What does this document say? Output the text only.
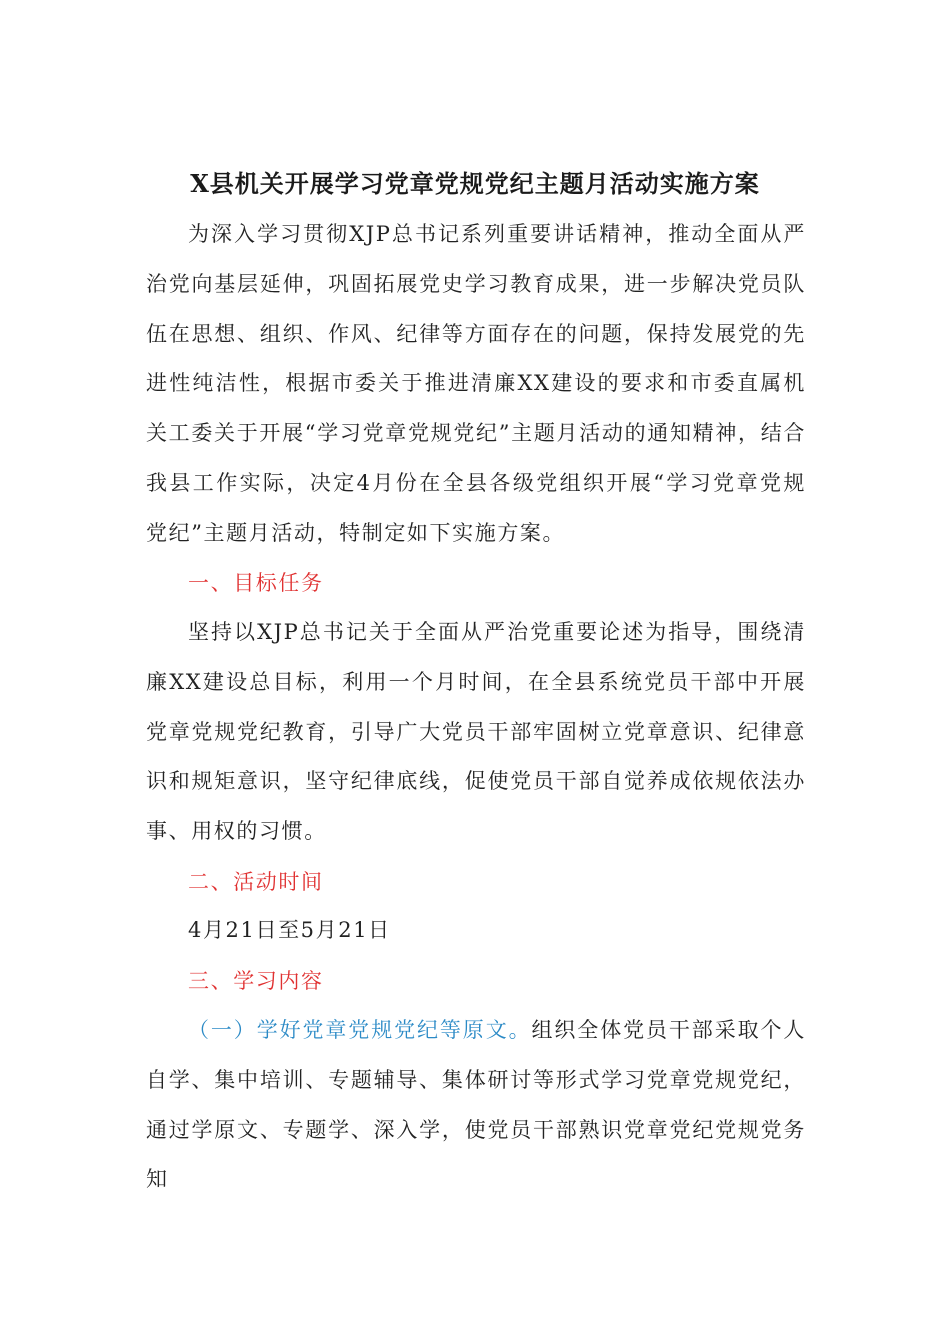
X县机关开展学习党章党规党纪主题月活动实施方案

为深入学习贯彻XJP总书记系列重要讲话精神，推动全面从严治党向基层延伸，巩固拓展党史学习教育成果，进一步解决党员队伍在思想、组织、作风、纪律等方面存在的问题，保持发展党的先进性纯洁性，根据市委关于推进清廉XX建设的要求和市委直属机关工委关于开展“学习党章党规党纪”主题月活动的通知精神，结合我县工作实际，决定4月份在全县各级党组织开展“学习党章党规党纪”主题月活动，特制定如下实施方案。

一、目标任务

坚持以XJP总书记关于全面从严治党重要论述为指导，围绕清廉XX建设总目标，利用一个月时间，在全县系统党员干部中开展党章党规党纪教育，引导广大党员干部牢固树立党章意识、纪律意识和规矩意识，坚守纪律底线，促使党员干部自觉养成依规依法办事、用权的习惯。

二、活动时间

4月21日至5月21日

三、学习内容

（一）学好党章党规党纪等原文。组织全体党员干部采取个人自学、集中培训、专题辅导、集体研讨等形式学习党章党规党纪，通过学原文、专题学、深入学，使党员干部熟识党章党纪党规党务知
